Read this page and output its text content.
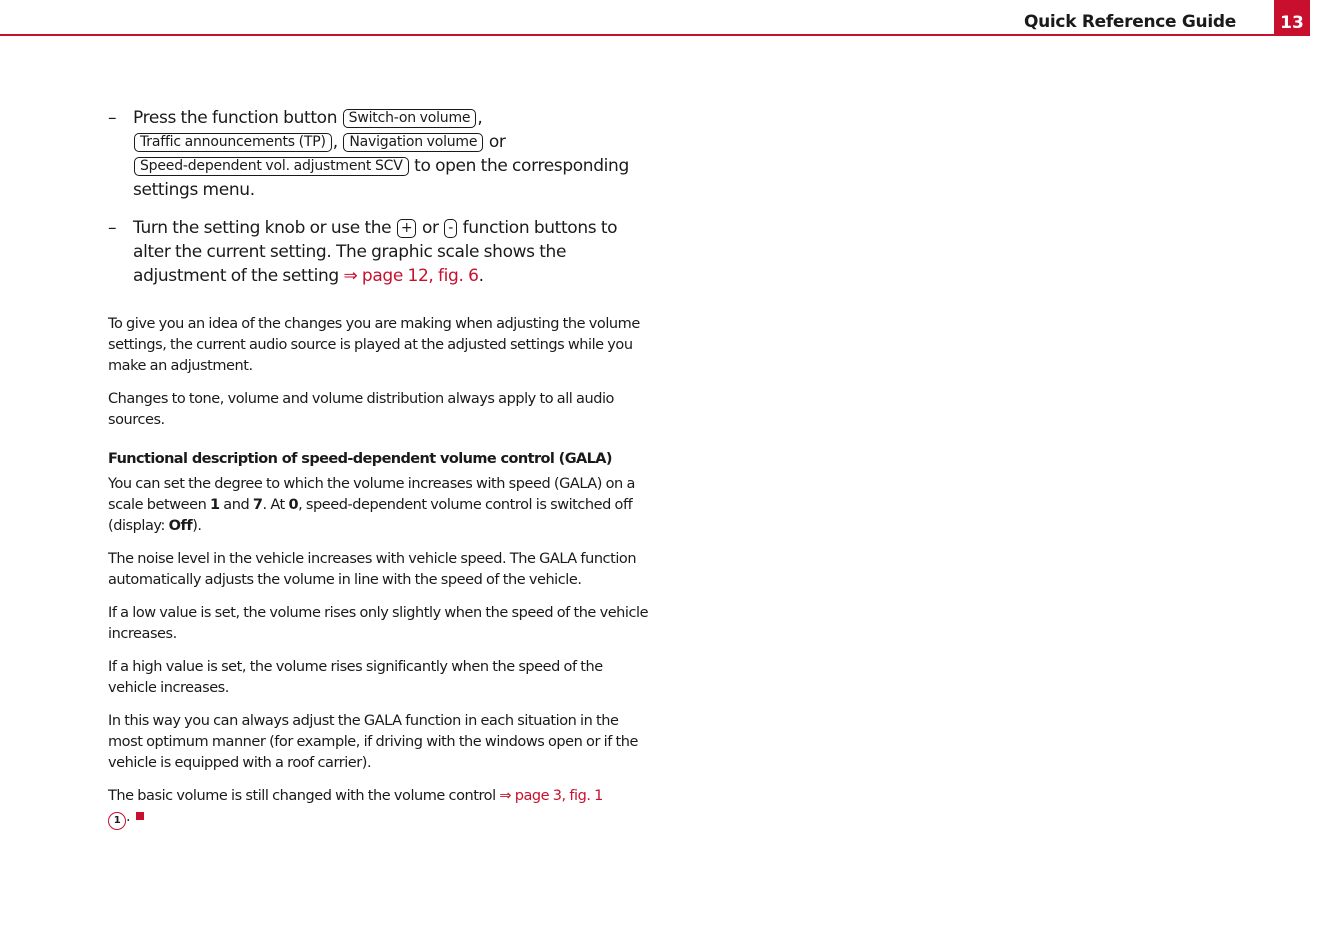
Quick Reference Guide	13
– Press the function button Switch-on volume ,
Traffic announcements (TP) , Navigation volume or
Speed-dependent vol. adjustment SCV to open the corresponding settings menu.
– Turn the setting knob or use the + or - function buttons to alter the current setting. The graphic scale shows the adjustment of the setting ⇒ page 12, fig. 6.

To give you an idea of the changes you are making when adjusting the volume settings, the current audio source is played at the adjusted settings while you make an adjustment.

Changes to tone, volume and volume distribution always apply to all audio sources.

Functional description of speed-dependent volume control (GALA)

You can set the degree to which the volume increases with speed (GALA) on a scale between 1 and 7. At 0, speed-dependent volume control is switched off (display: Off).

The noise level in the vehicle increases with vehicle speed. The GALA function automatically adjusts the volume in line with the speed of the vehicle.

If a low value is set, the volume rises only slightly when the speed of the vehicle increases.

If a high value is set, the volume rises significantly when the speed of the vehicle increases.

In this way you can always adjust the GALA function in each situation in the most optimum manner (for example, if driving with the windows open or if the vehicle is equipped with a roof carrier).

The basic volume is still changed with the volume control ⇒ page 3, fig. 1
1 .
